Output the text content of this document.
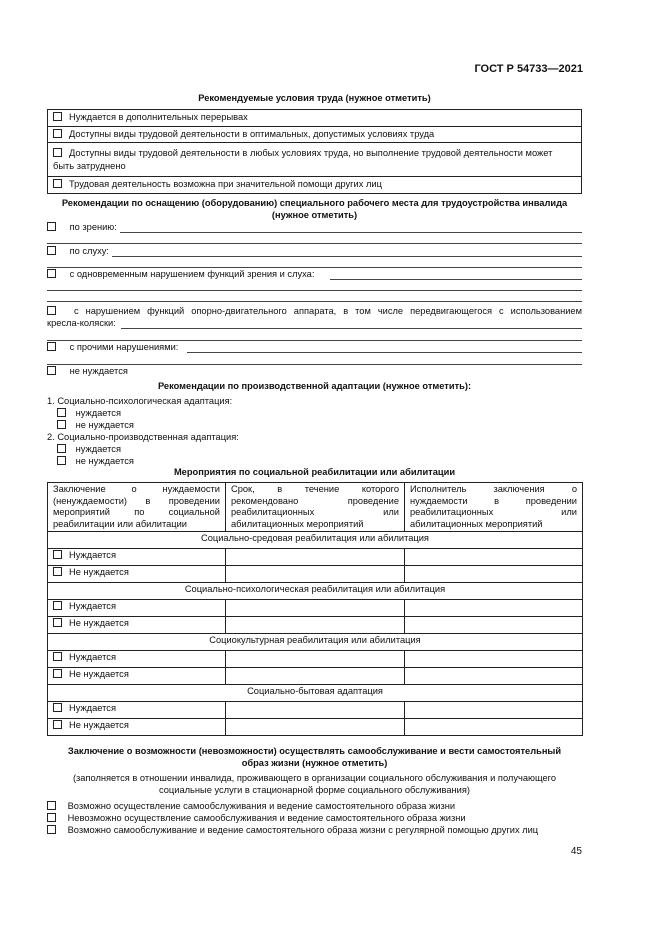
ГОСТ Р 54733—2021
Рекомендуемые условия труда (нужное отметить)
Нуждается в дополнительных перерывах
Доступны виды трудовой деятельности в оптимальных, допустимых условиях труда
Доступны виды трудовой деятельности в любых условиях труда, но выполнение трудовой деятельности может быть затруднено
Трудовая деятельность возможна при значительной помощи других лиц
Рекомендации по оснащению (оборудованию) специального рабочего места для трудоустройства инвалида
(нужное отметить)
по зрению:
по слуху:
с одновременным нарушением функций зрения и слуха:
с нарушением функций опорно-двигательного аппарата, в том числе передвигающегося с использованием
кресла-коляски:
с прочими нарушениями:
не нуждается
Рекомендации по производственной адаптации (нужное отметить):
1. Социально-психологическая адаптация:
нуждается
не нуждается
2. Социально-производственная адаптация:
нуждается
не нуждается
Мероприятия по социальной реабилитации или абилитации
Заключение о нуждаемости (ненуждаемости) в проведении мероприятий по социальной реабилитации или абилитации	Срок, в течение которого рекомендовано проведение реабилитационных или абилитационных мероприятий	Исполнитель заключения о нуждаемости в проведении реабилитационных или абилитационных мероприятий
Социально-средовая реабилитация или абилитация		
Нуждается		
Не нуждается		
Социально-психологическая реабилитация или абилитация		
Нуждается		
Не нуждается		
Социокультурная реабилитация или абилитация		
Нуждается		
Не нуждается		
Социально-бытовая адаптация		
Нуждается		
Не нуждается		
Заключение о возможности (невозможности) осуществлять самообслуживание и вести самостоятельный
образ жизни (нужное отметить)
(заполняется в отношении инвалида, проживающего в организации социального обслуживания и получающего
социальные услуги в стационарной форме социального обслуживания)
Возможно осуществление самообслуживания и ведение самостоятельного образа жизни
Невозможно осуществление самообслуживания и ведение самостоятельного образа жизни
Возможно самообслуживание и ведение самостоятельного образа жизни с регулярной помощью других лиц
45
